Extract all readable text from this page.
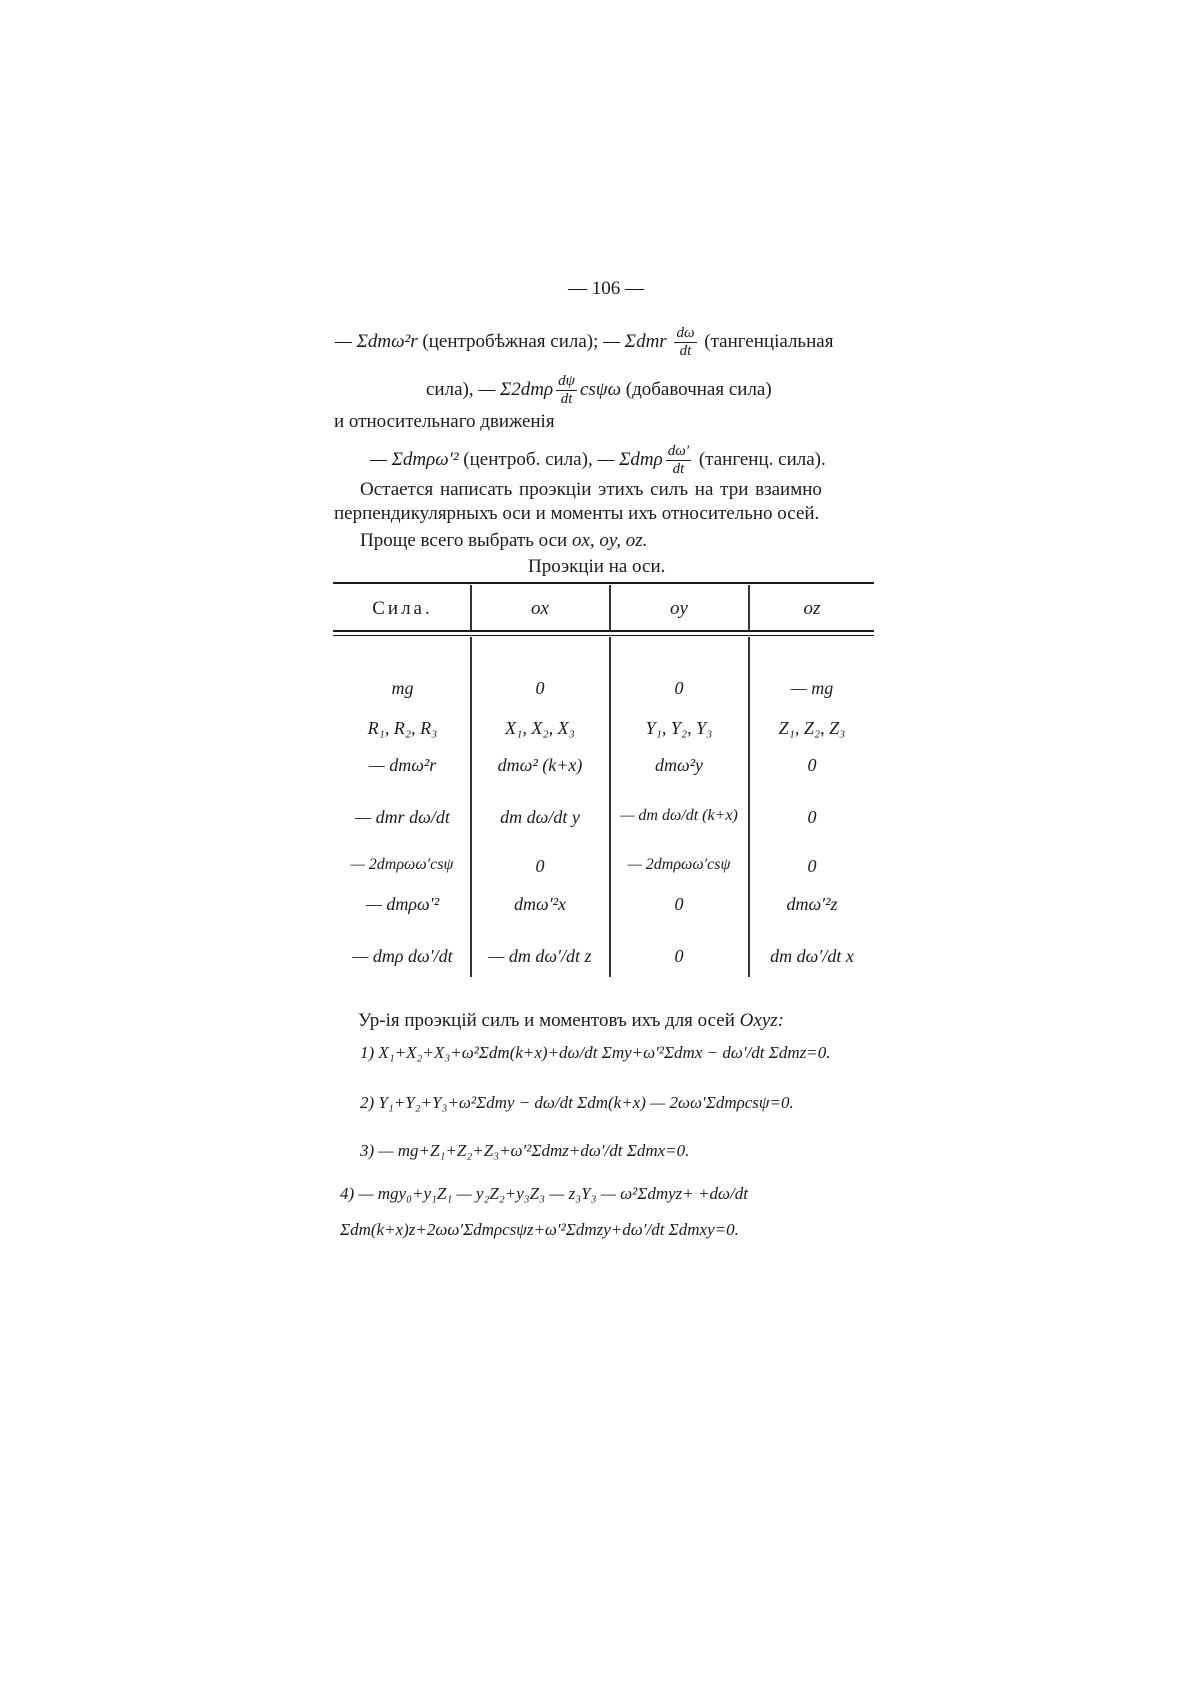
— 106 —
— Σdmω²r (центробѣжная сила); — Σdmr $\frac{d\omega}{dt}$ (тангенціальная
сила), — $\Sigma 2dm\rho \frac{d\psi}{dt}$ csψω (добавочная сила)
и относительнаго движенія
— Σdmρω′² (центроб. сила), — Σdmρ $\frac{d\omega'}{dt}$ (тангенц. сила).
Остается написать проэкціи этихъ силъ на три взаимно
перпендикулярныхъ оси и моменты ихъ относительно осей.
Проще всего выбрать оси ox, oy, oz.
Проэкціи на оси.
Сила.	ox	oy	oz
mg	0	0	— mg
R₁, R₂, R₃	X₁, X₂, X₃	Y₁, Y₂, Y₃	Z₁, Z₂, Z₃
— dmω²r	dmω² (k+x)	dmω²y	0
— dmr dω/dt	dm dω/dt y	— dm dω/dt (k+x)	0
— 2dmρωω′csψ	0	— 2dmρωω′csψ	0
— dmρω′²	dmω′²x	0	dmω′²z
— dmρ dω′/dt	— dm dω′/dt z	0	dm dω′/dt x
Ур-ія проэкцій силъ и моментовъ ихъ для осей Oxyz:
1) X₁+X₂+X₃+ω²Σdm(k+x)+dω/dt Σmy+ω′²Σdmx − dω′/dt Σdmz=0.
2) Y₁+Y₂+Y₃+ω²Σdmy − dω/dt Σdm(k+x) — 2ωω′Σdmρcsψ=0.
3) — mg+Z₁+Z₂+Z₃+ω′²Σdmz+dω′/dt Σdmx=0.
4) — mgy₀+y₁Z₁ — y₂Z₂+y₃Z₃ — z₃Y₃ — ω²Σdmyz+ +dω/dt Σdm(k+x)z+2ωω′Σdmρcsψz+ω′²Σdmzy+dω′/dt Σdmxy=0.
